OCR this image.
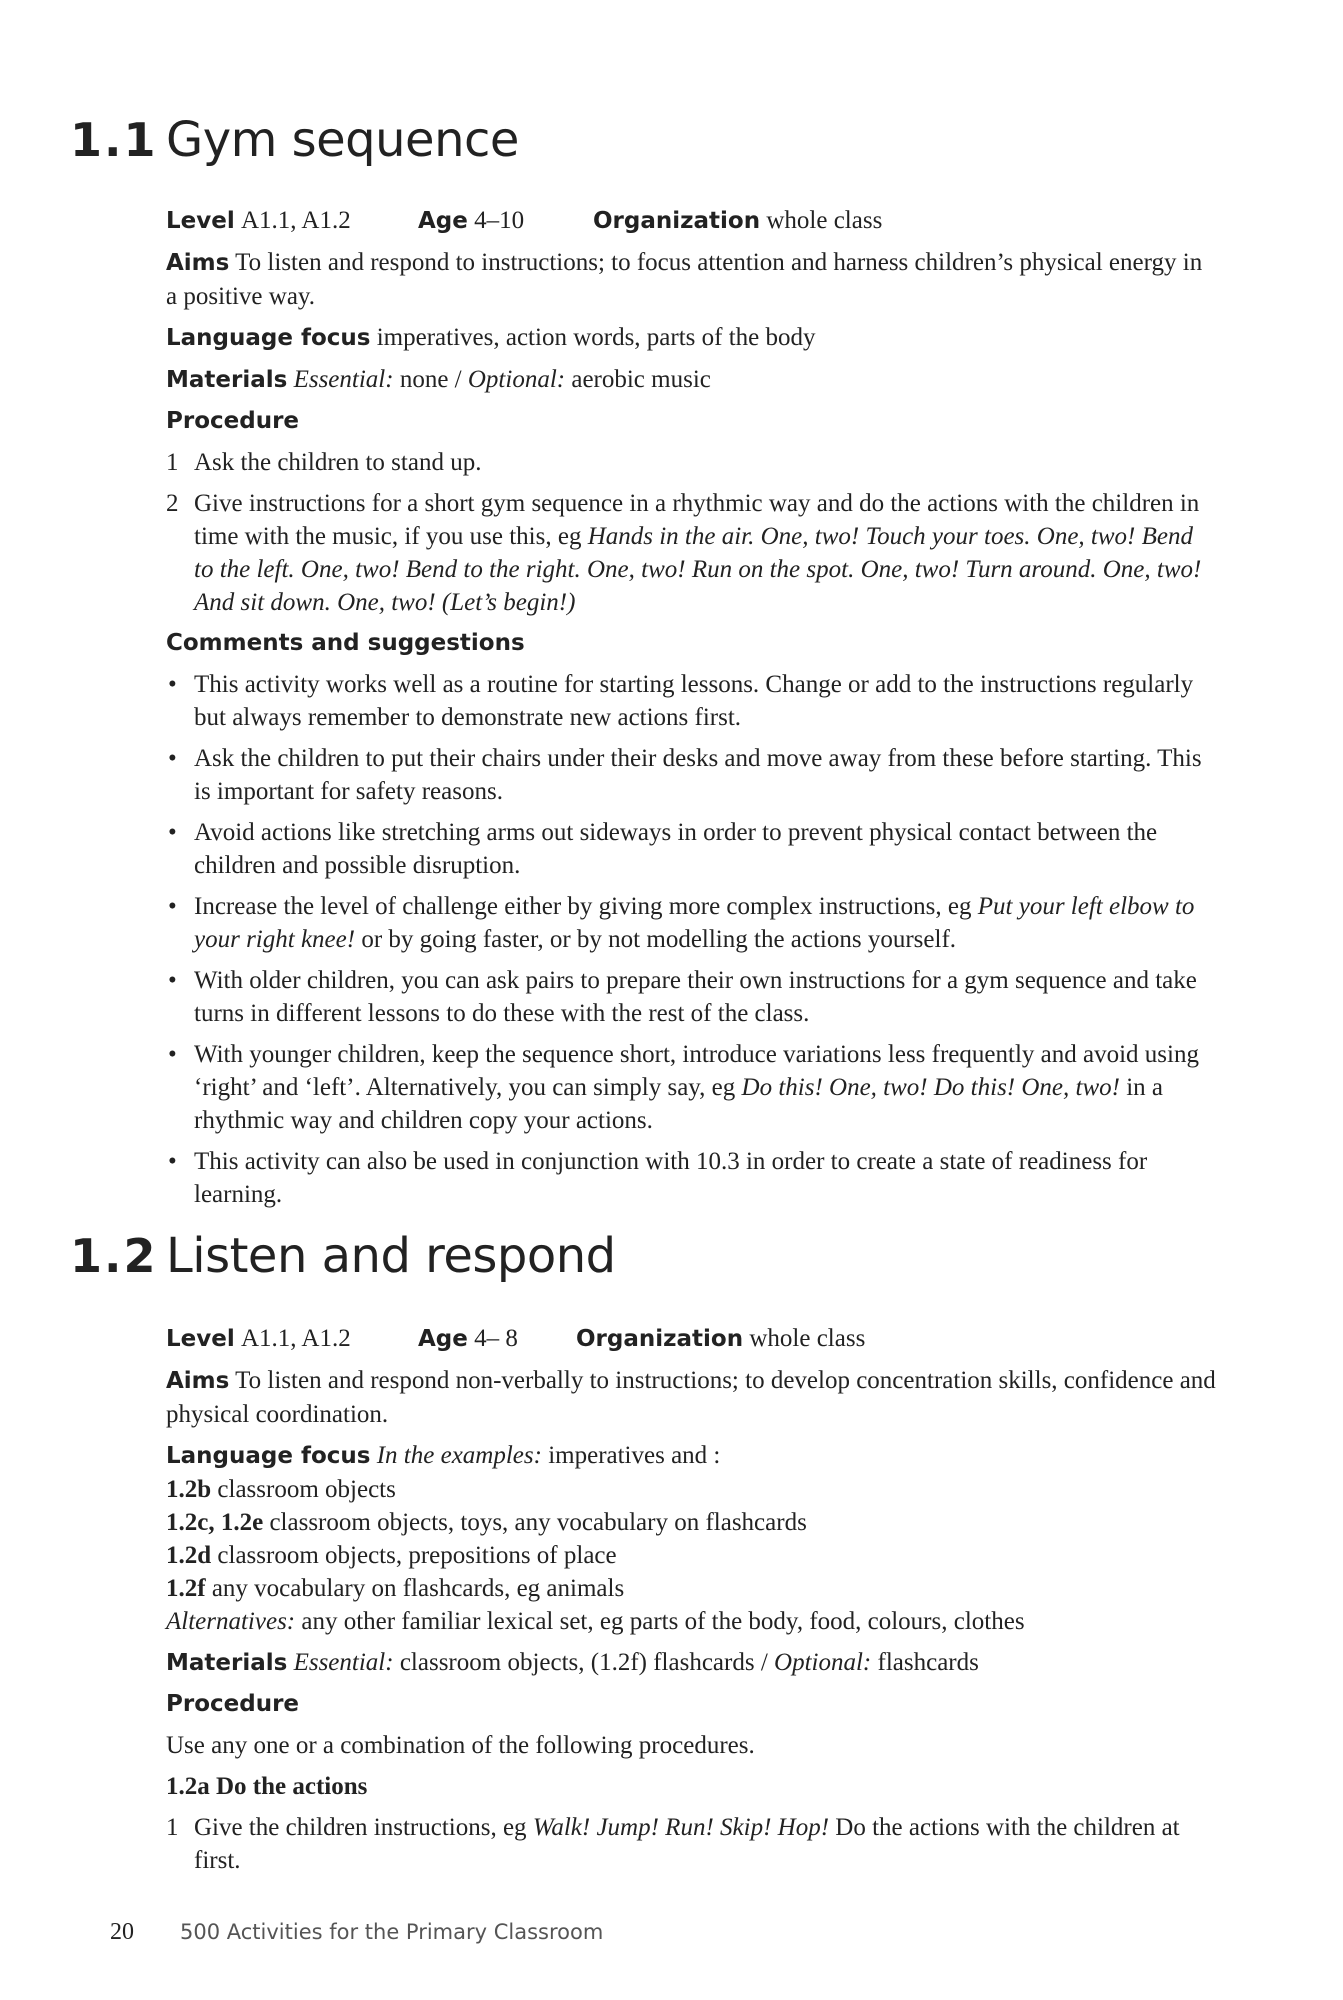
1.1 Gym sequence
Level
A1.1, A1.2	Age
4–10	Organization
whole class
Aims To listen and respond to instructions; to focus attention and harness children’s physical energy in a positive way.
Language focus imperatives, action words, parts of the body
Materials Essential: none / Optional: aerobic music
Procedure
1 Ask the children to stand up.
2 Give instructions for a short gym sequence in a rhythmic way and do the actions with the children in time with the music, if you use this, eg Hands in the air. One, two! Touch your toes. One, two! Bend to the left. One, two! Bend to the right. One, two! Run on the spot. One, two! Turn around. One, two! And sit down. One, two! (Let’s begin!)
Comments and suggestions
• This activity works well as a routine for starting lessons. Change or add to the instructions regularly but always remember to demonstrate new actions first.
• Ask the children to put their chairs under their desks and move away from these before starting. This is important for safety reasons.
• Avoid actions like stretching arms out sideways in order to prevent physical contact between the children and possible disruption.
• Increase the level of challenge either by giving more complex instructions, eg Put your left elbow to your right knee! or by going faster, or by not modelling the actions yourself.
• With older children, you can ask pairs to prepare their own instructions for a gym sequence and take turns in different lessons to do these with the rest of the class.
• With younger children, keep the sequence short, introduce variations less frequently and avoid using ‘right’ and ‘left’. Alternatively, you can simply say, eg Do this! One, two! Do this! One, two! in a rhythmic way and children copy your actions.
• This activity can also be used in conjunction with 10.3 in order to create a state of readiness for learning.
1.2 Listen and respond
Level
A1.1, A1.2	Age
4– 8	Organization
whole class
Aims To listen and respond non-verbally to instructions; to develop concentration skills, confidence and physical coordination.
Language focus In the examples: imperatives and :
1.2b classroom objects
1.2c, 1.2e classroom objects, toys, any vocabulary on flashcards
1.2d classroom objects, prepositions of place
1.2f any vocabulary on flashcards, eg animals
Alternatives: any other familiar lexical set, eg parts of the body, food, colours, clothes
Materials Essential: classroom objects, (1.2f) flashcards / Optional: flashcards
Procedure
Use any one or a combination of the following procedures.
1.2a Do the actions
1 Give the children instructions, eg Walk! Jump! Run! Skip! Hop! Do the actions with the children at first.
20	500 Activities for the Primary Classroom
